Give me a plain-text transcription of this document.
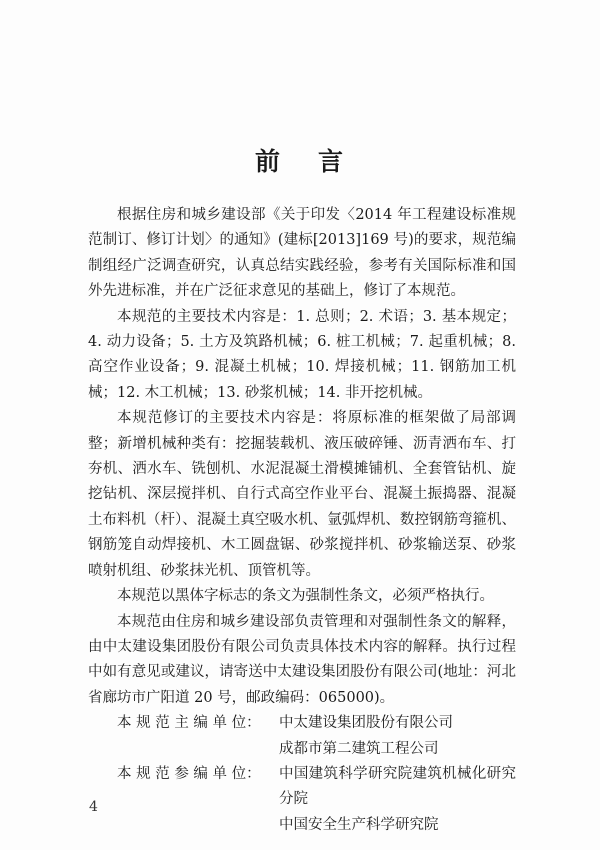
前 言

根据住房和城乡建设部《关于印发〈2014 年工程建设标准规范制订、修订计划〉的通知》(建标[2013]169 号)的要求，规范编制组经广泛调查研究，认真总结实践经验，参考有关国际标准和国外先进标准，并在广泛征求意见的基础上，修订了本规范。

本规范的主要技术内容是：1. 总则；2. 术语；3. 基本规定；4. 动力设备；5. 土方及筑路机械；6. 桩工机械；7. 起重机械；8. 高空作业设备；9. 混凝土机械；10. 焊接机械；11. 钢筋加工机械；12. 木工机械；13. 砂浆机械；14. 非开挖机械。

本规范修订的主要技术内容是：将原标准的框架做了局部调整；新增机械种类有：挖掘装载机、液压破碎锤、沥青洒布车、打夯机、洒水车、铣刨机、水泥混凝土滑模摊铺机、全套管钻机、旋挖钻机、深层搅拌机、自行式高空作业平台、混凝土振捣器、混凝土布料机（杆）、混凝土真空吸水机、氩弧焊机、数控钢筋弯箍机、钢筋笼自动焊接机、木工圆盘锯、砂浆搅拌机、砂浆输送泵、砂浆喷射机组、砂浆抹光机、顶管机等。

本规范以黑体字标志的条文为强制性条文，必须严格执行。

本规范由住房和城乡建设部负责管理和对强制性条文的解释，由中太建设集团股份有限公司负责具体技术内容的解释。执行过程中如有意见或建议，请寄送中太建设集团股份有限公司(地址：河北省廊坊市广阳道 20 号，邮政编码：065000)。

本 规 范 主 编 单 位：	中太建设集团股份有限公司
成都市第二建筑工程公司
本 规 范 参 编 单 位：	中国建筑科学研究院建筑机械化研究分院
中国安全生产科学研究院
4
